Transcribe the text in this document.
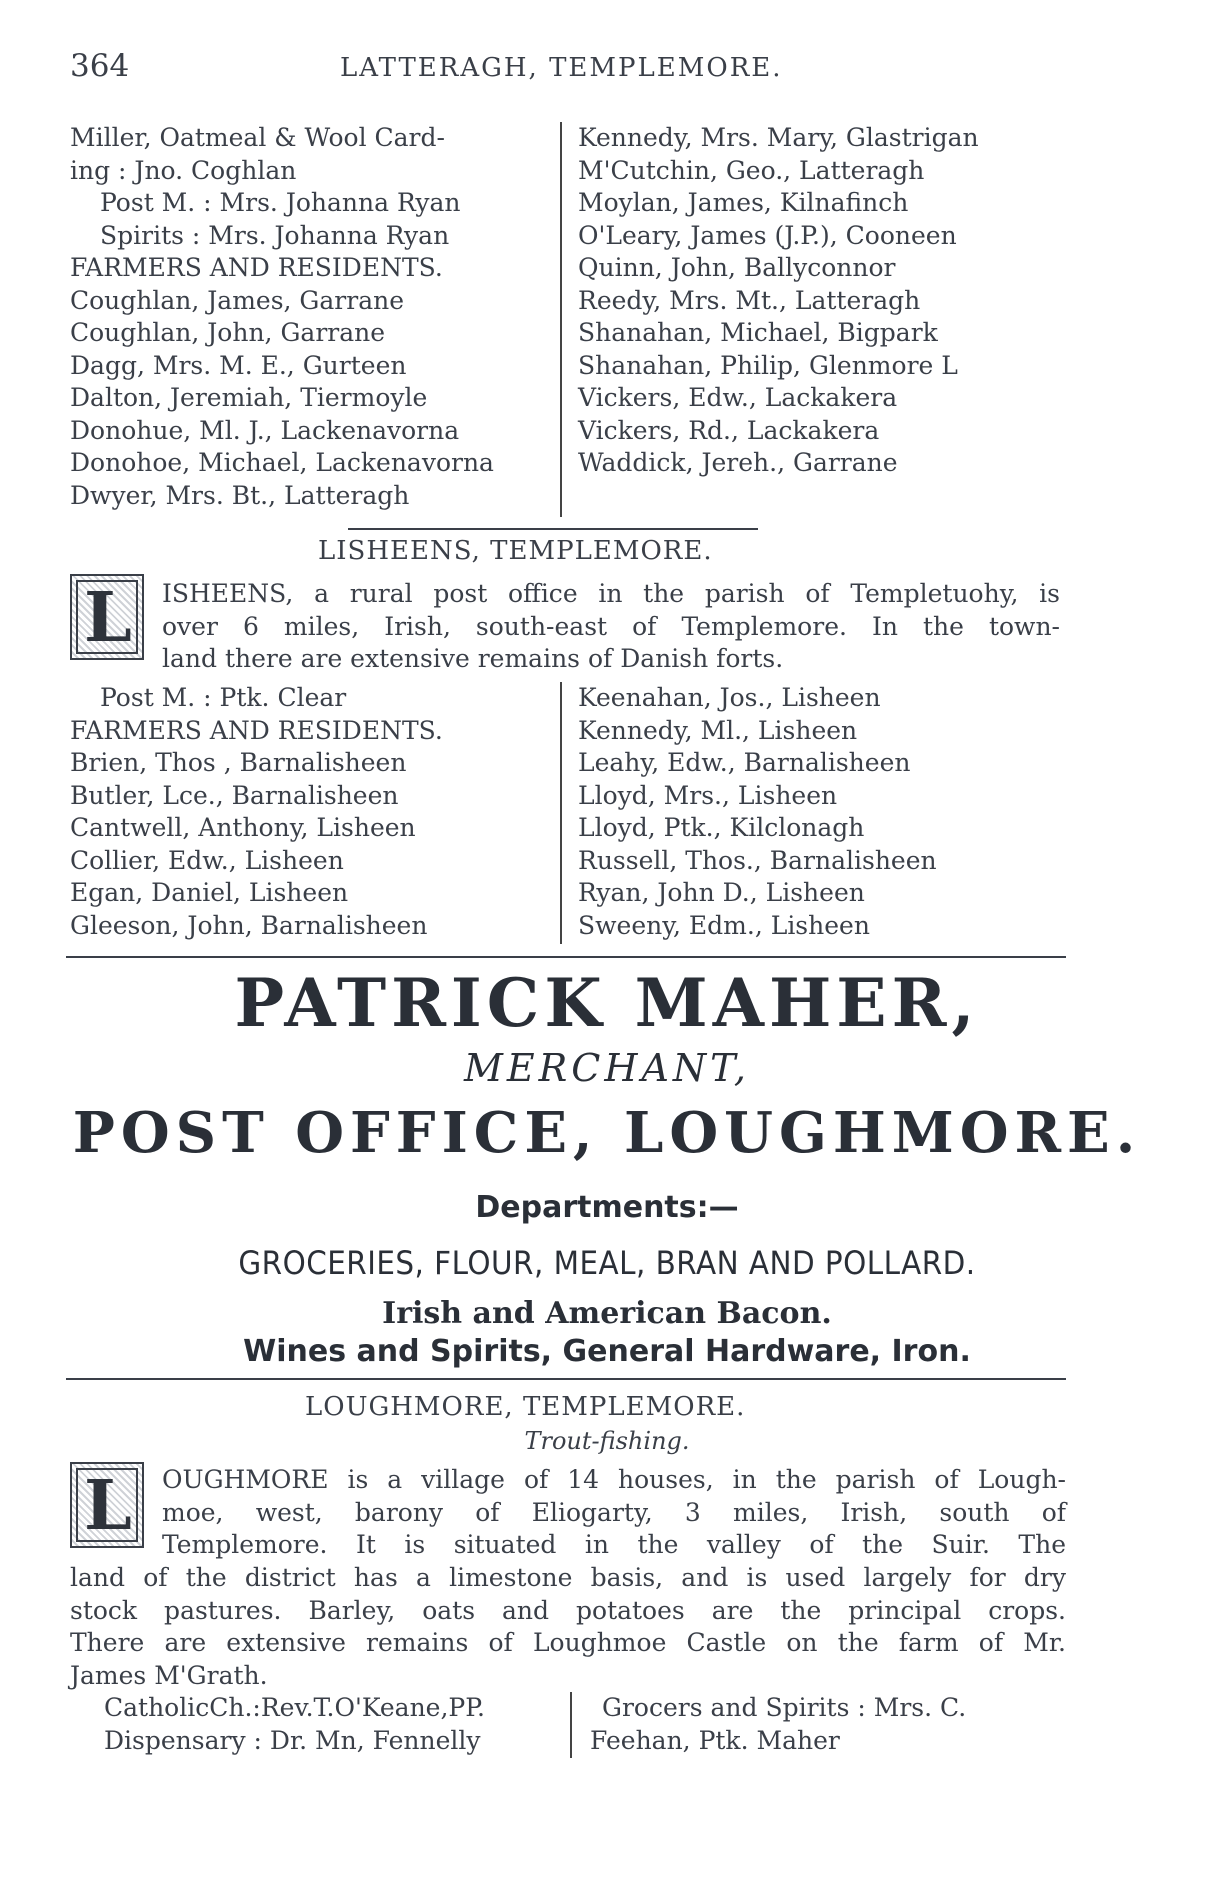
364	LATTERAGH, TEMPLEMORE.
Miller, Oatmeal & Wool Card-
ing : Jno. Coghlan
Post M. : Mrs. Johanna Ryan
Spirits : Mrs. Johanna Ryan
FARMERS AND RESIDENTS.
Coughlan, James, Garrane
Coughlan, John, Garrane
Dagg, Mrs. M. E., Gurteen
Dalton, Jeremiah, Tiermoyle
Donohue, Ml. J., Lackenavorna
Donohoe, Michael, Lackenavorna
Dwyer, Mrs. Bt., Latteragh
Kennedy, Mrs. Mary, Glastrigan
M'Cutchin, Geo., Latteragh
Moylan, James, Kilnafinch
O'Leary, James (J.P.), Cooneen
Quinn, John, Ballyconnor
Reedy, Mrs. Mt., Latteragh
Shanahan, Michael, Bigpark
Shanahan, Philip, Glenmore L
Vickers, Edw., Lackakera
Vickers, Rd., Lackakera
Waddick, Jereh., Garrane
LISHEENS, TEMPLEMORE.
L ISHEENS, a rural post office in the parish of Templetuohy, is
over 6 miles, Irish, south-east of Templemore. In the town-
land there are extensive remains of Danish forts.
Post M. : Ptk. Clear
FARMERS AND RESIDENTS.
Brien, Thos , Barnalisheen
Butler, Lce., Barnalisheen
Cantwell, Anthony, Lisheen
Collier, Edw., Lisheen
Egan, Daniel, Lisheen
Gleeson, John, Barnalisheen
Keenahan, Jos., Lisheen
Kennedy, Ml., Lisheen
Leahy, Edw., Barnalisheen
Lloyd, Mrs., Lisheen
Lloyd, Ptk., Kilclonagh
Russell, Thos., Barnalisheen
Ryan, John D., Lisheen
Sweeny, Edm., Lisheen
PATRICK MAHER,
MERCHANT,
POST OFFICE, LOUGHMORE.
Departments:—
GROCERIES, FLOUR, MEAL, BRAN AND POLLARD.
Irish and American Bacon.
Wines and Spirits, General Hardware, Iron.
LOUGHMORE, TEMPLEMORE.
Trout-fishing.
L OUGHMORE is a village of 14 houses, in the parish of Lough-
moe, west, barony of Eliogarty, 3 miles, Irish, south of
Templemore. It is situated in the valley of the Suir. The
land of the district has a limestone basis, and is used largely for dry
stock pastures. Barley, oats and potatoes are the principal crops.
There are extensive remains of Loughmoe Castle on the farm of Mr.
James M'Grath.
CatholicCh.:Rev.T.O'Keane,PP.
Dispensary : Dr. Mn, Fennelly
Grocers and Spirits : Mrs. C.
Feehan, Ptk. Maher
